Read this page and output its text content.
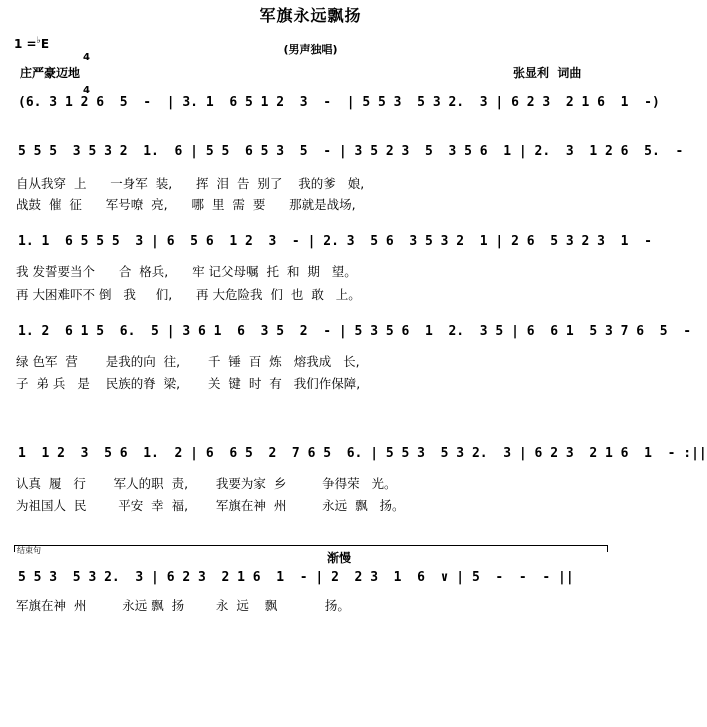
军旗永远飘扬
(男声独唱)
1 =♭E

4

4

庄严豪迈地	张显利  词曲
(6. 3 1 2 6  5  -  | 3. 1  6 5 1 2  3  -  | 5 5 3  5 3 2.  3 | 6 2 3  2 1 6  1  -)
5 5 5  3 5 3 2  1.  6 | 5 5  6 5 3  5  - | 3 5 2 3  5  3 5 6  1 | 2.  3  1 2 6  5.  -
自从我穿  上      一身军  装,      挥  泪  告  别了    我的爹   娘,
战鼓  催  征      军号嘹  亮,      哪  里  需  要      那就是战场,
1. 1  6 5 5 5  3 | 6  5 6  1 2  3  - | 2. 3  5 6  3 5 3 2  1 | 2 6  5 3 2 3  1  -
我 发誓要当个      合  格兵,      牢 记父母嘱  托  和  期   望。
再 大困难吓不 倒   我     们,      再 大危险我  们  也  敢   上。
1. 2  6 1 5  6.  5 | 3 6 1  6  3 5  2  - | 5 3 5 6  1  2.  3 5 | 6  6 1  5 3 7 6  5  -
绿 色军  营       是我的向  往,       千  锤  百  炼   熔我成   长,
子  弟 兵   是    民族的脊  梁,       关  键  时  有   我们作保障,
1  1 2  3  5 6  1.  2 | 6  6 5  2  7 6 5  6. | 5 5 3  5 3 2.  3 | 6 2 3  2 1 6  1  - :||
认真  履   行       军人的职  责,       我要为家  乡         争得荣   光。
为祖国人  民        平安  幸  福,       军旗在神  州         永远  飘   扬。
结束句
渐慢
5 5 3  5 3 2.  3 | 6 2 3  2 1 6  1  - | 2  2 3  1  6  ∨ | 5  -  -  - ||
军旗在神  州         永远 飘  扬        永  远    飘            扬。
